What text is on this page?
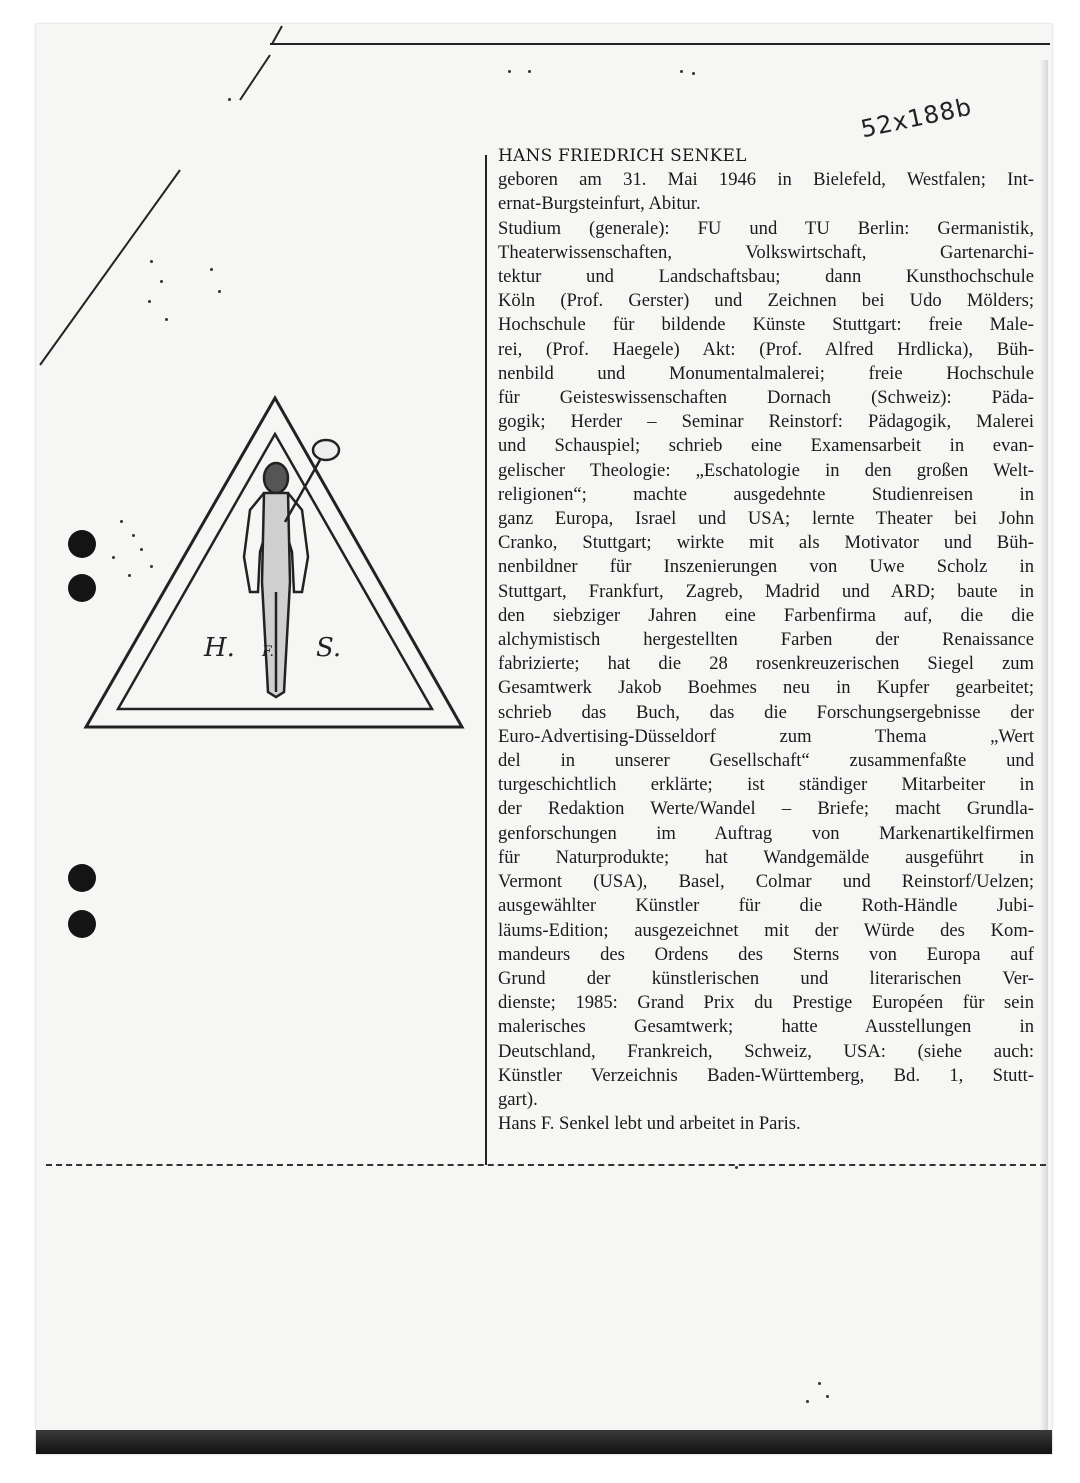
52x188b
H. F. S.
HANS FRIEDRICH SENKEL
geboren am 31. Mai 1946 in Bielefeld, Westfalen; Int-
ernat-Burgsteinfurt, Abitur.
Studium (generale): FU und TU Berlin: Germanistik,
Theaterwissenschaften, Volkswirtschaft, Gartenarchi-
tektur und Landschaftsbau; dann Kunsthochschule
Köln (Prof. Gerster) und Zeichnen bei Udo Mölders;
Hochschule für bildende Künste Stuttgart: freie Male-
rei, (Prof. Haegele) Akt: (Prof. Alfred Hrdlicka), Büh-
nenbild und Monumentalmalerei; freie Hochschule
für Geisteswissenschaften Dornach (Schweiz): Päda-
gogik; Herder – Seminar Reinstorf: Pädagogik, Malerei
und Schauspiel; schrieb eine Examensarbeit in evan-
gelischer Theologie: „Eschatologie in den großen Welt-
religionen“; machte ausgedehnte Studienreisen in
ganz Europa, Israel und USA; lernte Theater bei John
Cranko, Stuttgart; wirkte mit als Motivator und Büh-
nenbildner für Inszenierungen von Uwe Scholz in
Stuttgart, Frankfurt, Zagreb, Madrid und ARD; baute in
den siebziger Jahren eine Farbenfirma auf, die die
alchymistisch hergestellten Farben der Renaissance
fabrizierte; hat die 28 rosenkreuzerischen Siegel zum
Gesamtwerk Jakob Boehmes neu in Kupfer gearbeitet;
schrieb das Buch, das die Forschungsergebnisse der
Euro-Advertising-Düsseldorf zum Thema „Wert
del in unserer Gesellschaft“ zusammenfaßte und
turgeschichtlich erklärte; ist ständiger Mitarbeiter in
der Redaktion Werte/Wandel – Briefe; macht Grundla-
genforschungen im Auftrag von Markenartikelfirmen
für Naturprodukte; hat Wandgemälde ausgeführt in
Vermont (USA), Basel, Colmar und Reinstorf/Uelzen;
ausgewählter Künstler für die Roth-Händle Jubi-
läums-Edition; ausgezeichnet mit der Würde des Kom-
mandeurs des Ordens des Sterns von Europa auf
Grund der künstlerischen und literarischen Ver-
dienste; 1985: Grand Prix du Prestige Européen für sein
malerisches Gesamtwerk; hatte Ausstellungen in
Deutschland, Frankreich, Schweiz, USA: (siehe auch:
Künstler Verzeichnis Baden-Württemberg, Bd. 1, Stutt-
gart).
Hans F. Senkel lebt und arbeitet in Paris.
